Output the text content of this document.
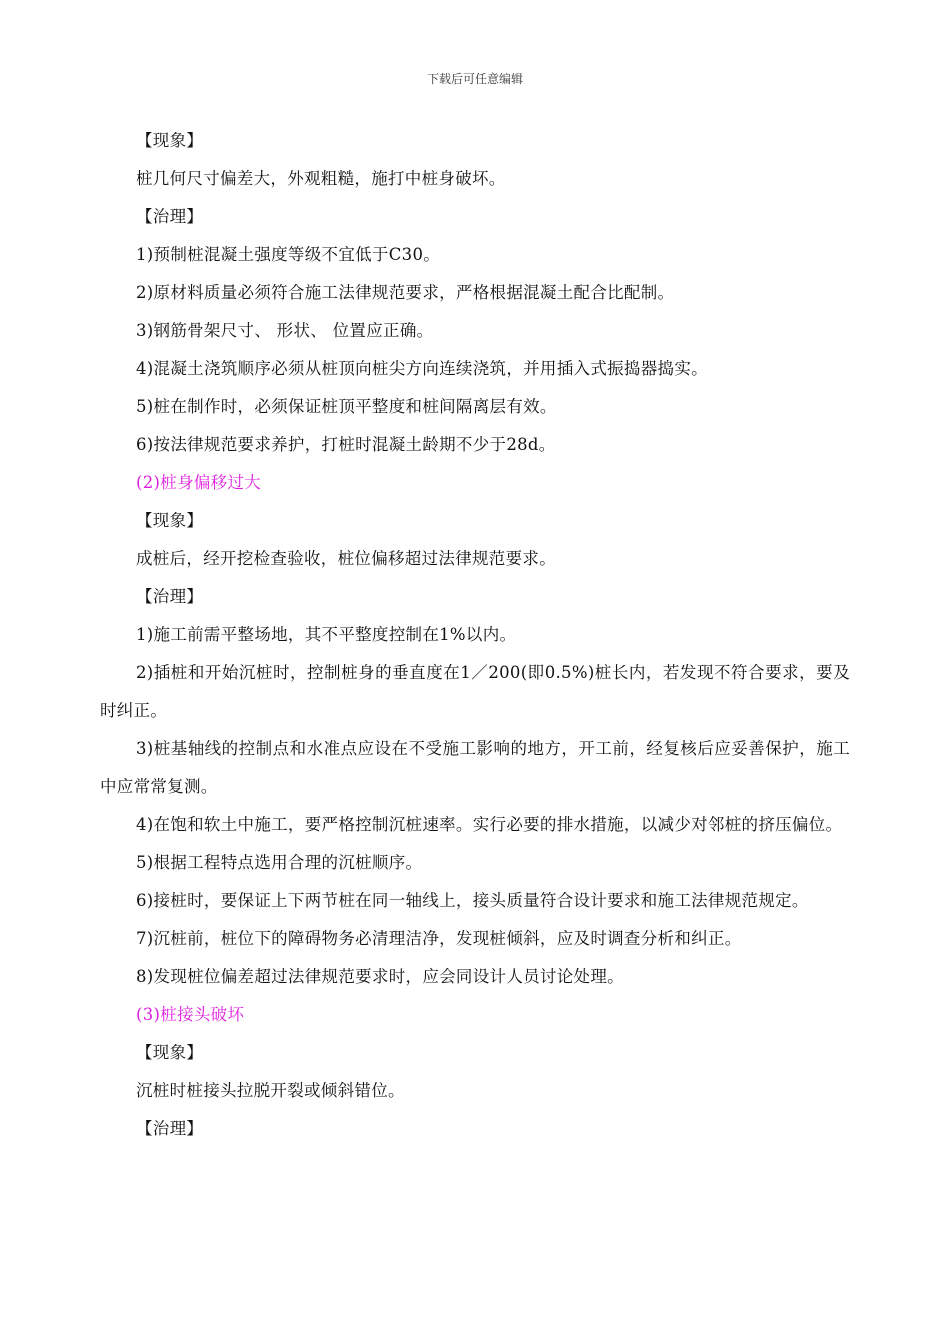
下载后可任意编辑

【现象】

桩几何尺寸偏差大，外观粗糙，施打中桩身破坏。

【治理】

1)预制桩混凝土强度等级不宜低于C30。

2)原材料质量必须符合施工法律规范要求，严格根据混凝土配合比配制。

3)钢筋骨架尺寸、 形状、 位置应正确。

4)混凝土浇筑顺序必须从桩顶向桩尖方向连续浇筑，并用插入式振捣器捣实。

5)桩在制作时，必须保证桩顶平整度和桩间隔离层有效。

6)按法律规范要求养护，打桩时混凝土龄期不少于28d。

(2)桩身偏移过大

【现象】

成桩后，经开挖检查验收，桩位偏移超过法律规范要求。

【治理】

1)施工前需平整场地，其不平整度控制在1%以内。

2)插桩和开始沉桩时，控制桩身的垂直度在1／200(即0.5%)桩长内，若发现不符合要求，要及时纠正。

3)桩基轴线的控制点和水准点应设在不受施工影响的地方，开工前，经复核后应妥善保护，施工中应常常复测。

4)在饱和软土中施工，要严格控制沉桩速率。实行必要的排水措施，以减少对邻桩的挤压偏位。

5)根据工程特点选用合理的沉桩顺序。

6)接桩时，要保证上下两节桩在同一轴线上，接头质量符合设计要求和施工法律规范规定。

7)沉桩前，桩位下的障碍物务必清理洁净，发现桩倾斜，应及时调查分析和纠正。

8)发现桩位偏差超过法律规范要求时，应会同设计人员讨论处理。

(3)桩接头破坏

【现象】

沉桩时桩接头拉脱开裂或倾斜错位。

【治理】
